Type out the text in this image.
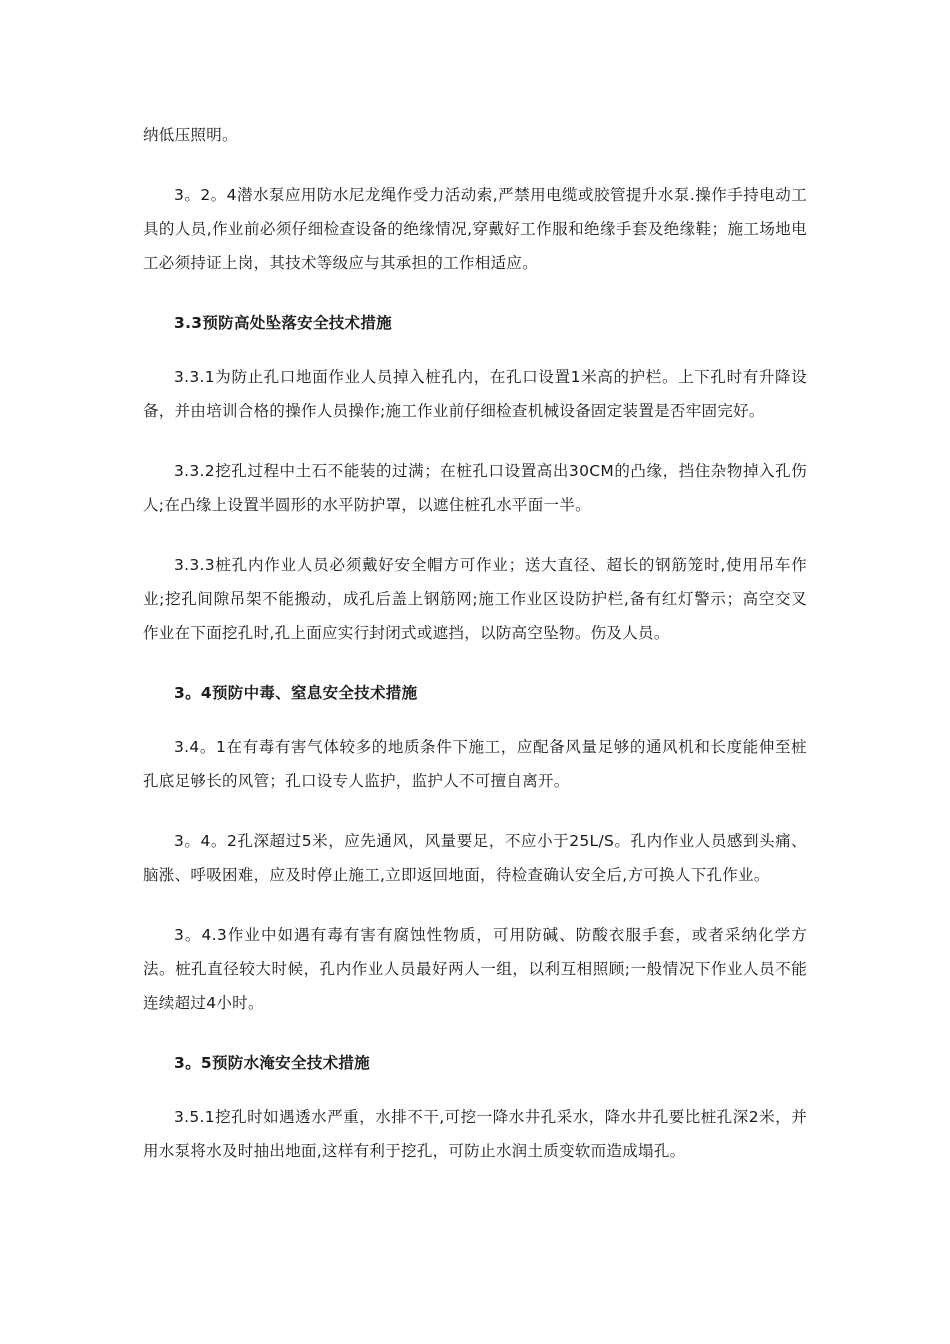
纳低压照明。

3。2。4潜水泵应用防水尼龙绳作受力活动索,严禁用电缆或胶管提升水泵.操作手持电动工具的人员,作业前必须仔细检查设备的绝缘情况,穿戴好工作服和绝缘手套及绝缘鞋；施工场地电工必须持证上岗，其技术等级应与其承担的工作相适应。

3.3预防高处坠落安全技术措施

3.3.1为防止孔口地面作业人员掉入桩孔内，在孔口设置1米高的护栏。上下孔时有升降设备，并由培训合格的操作人员操作;施工作业前仔细检查机械设备固定装置是否牢固完好。

3.3.2挖孔过程中土石不能装的过满；在桩孔口设置高出30CM的凸缘，挡住杂物掉入孔伤人;在凸缘上设置半圆形的水平防护罩，以遮住桩孔水平面一半。

3.3.3桩孔内作业人员必须戴好安全帽方可作业；送大直径、超长的钢筋笼时,使用吊车作业;挖孔间隙吊架不能搬动，成孔后盖上钢筋网;施工作业区设防护栏,备有红灯警示；高空交叉作业在下面挖孔时,孔上面应实行封闭式或遮挡，以防高空坠物。伤及人员。

3。4预防中毒、窒息安全技术措施

3.4。1在有毒有害气体较多的地质条件下施工，应配备风量足够的通风机和长度能伸至桩孔底足够长的风管；孔口设专人监护，监护人不可擅自离开。

3。4。2孔深超过5米，应先通风，风量要足，不应小于25L/S。孔内作业人员感到头痛、脑涨、呼吸困难，应及时停止施工,立即返回地面，待检查确认安全后,方可换人下孔作业。

3。4.3作业中如遇有毒有害有腐蚀性物质，可用防碱、防酸衣服手套，或者采纳化学方法。桩孔直径较大时候，孔内作业人员最好两人一组，以利互相照顾;一般情况下作业人员不能连续超过4小时。

3。5预防水淹安全技术措施

3.5.1挖孔时如遇透水严重，水排不干,可挖一降水井孔采水，降水井孔要比桩孔深2米，并用水泵将水及时抽出地面,这样有利于挖孔，可防止水润土质变软而造成塌孔。
